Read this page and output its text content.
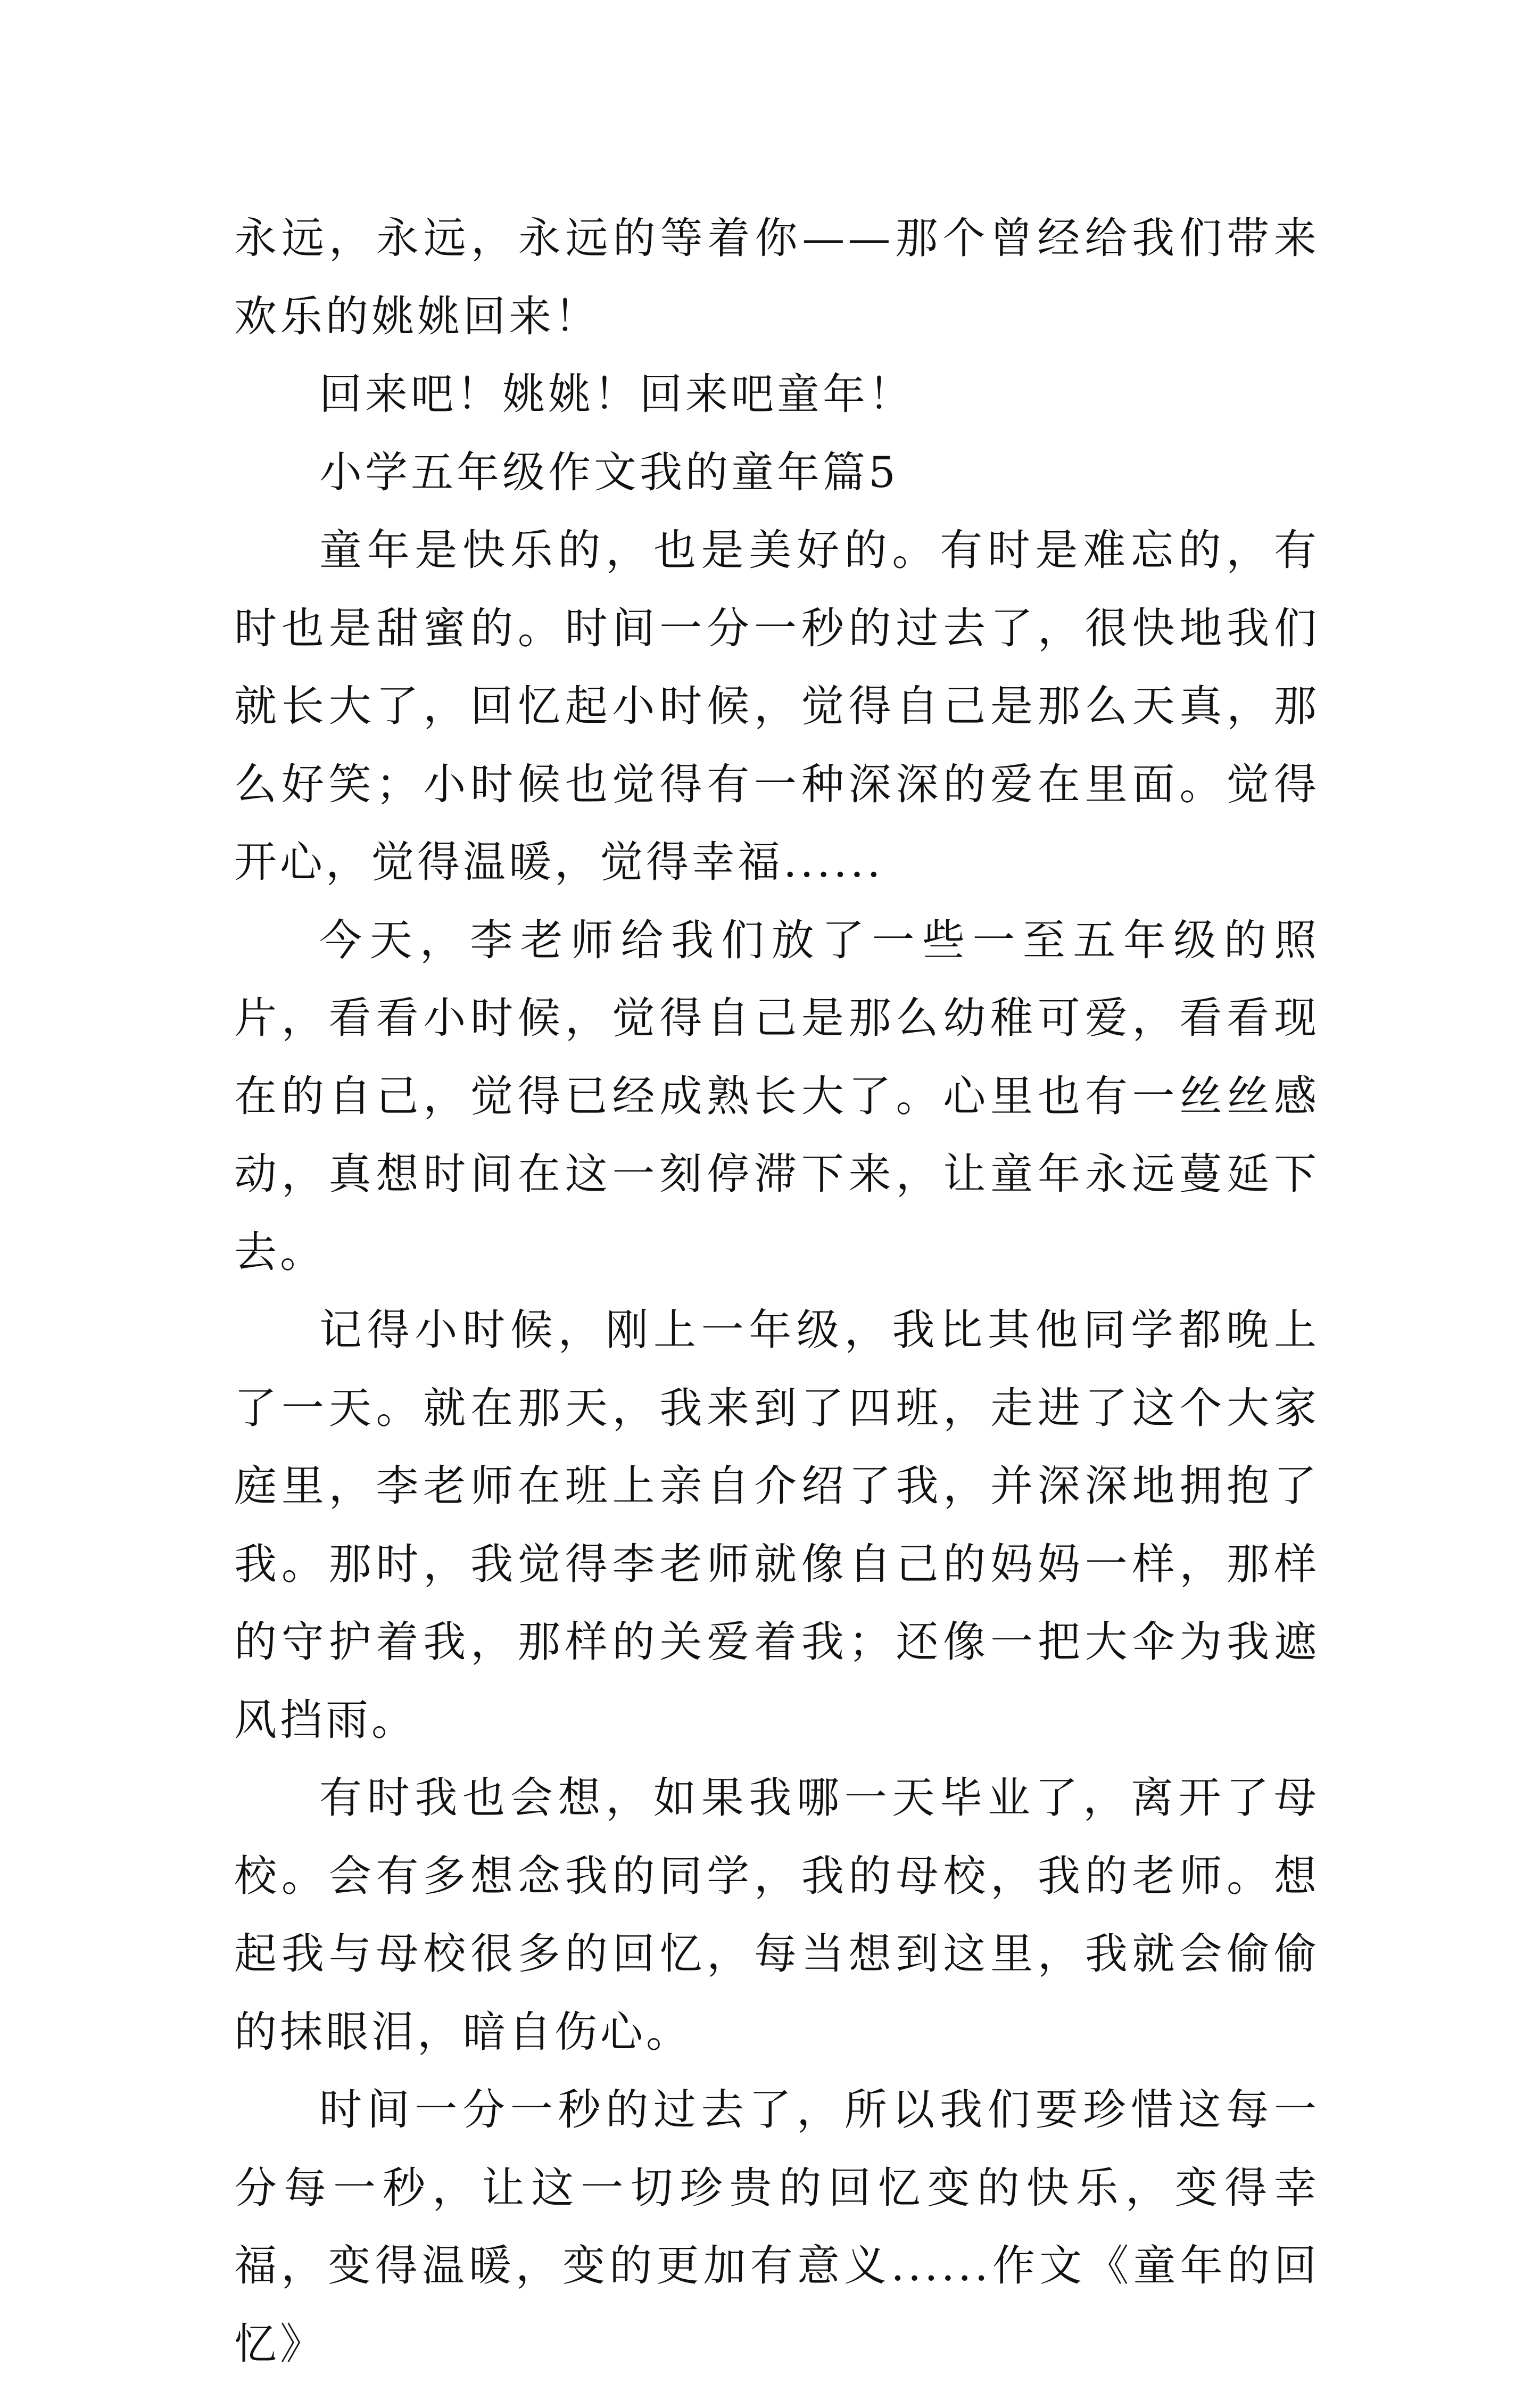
永远，永远，永远的等着你——那个曾经给我们带来欢乐的姚姚回来！

回来吧！姚姚！回来吧童年！

小学五年级作文我的童年篇5

童年是快乐的，也是美好的。有时是难忘的，有时也是甜蜜的。时间一分一秒的过去了，很快地我们就长大了，回忆起小时候，觉得自己是那么天真，那么好笑；小时候也觉得有一种深深的爱在里面。觉得开心，觉得温暖，觉得幸福......

今天，李老师给我们放了一些一至五年级的照片，看看小时候，觉得自己是那么幼稚可爱，看看现在的自己，觉得已经成熟长大了。心里也有一丝丝感动，真想时间在这一刻停滞下来，让童年永远蔓延下去。

记得小时候，刚上一年级，我比其他同学都晚上了一天。就在那天，我来到了四班，走进了这个大家庭里，李老师在班上亲自介绍了我，并深深地拥抱了我。那时，我觉得李老师就像自己的妈妈一样，那样的守护着我，那样的关爱着我；还像一把大伞为我遮风挡雨。

有时我也会想，如果我哪一天毕业了，离开了母校。会有多想念我的同学，我的母校，我的老师。想起我与母校很多的回忆，每当想到这里，我就会偷偷的抹眼泪，暗自伤心。

时间一分一秒的过去了，所以我们要珍惜这每一分每一秒，让这一切珍贵的回忆变的快乐，变得幸福，变得温暖，变的更加有意义......作文《童年的回忆》
